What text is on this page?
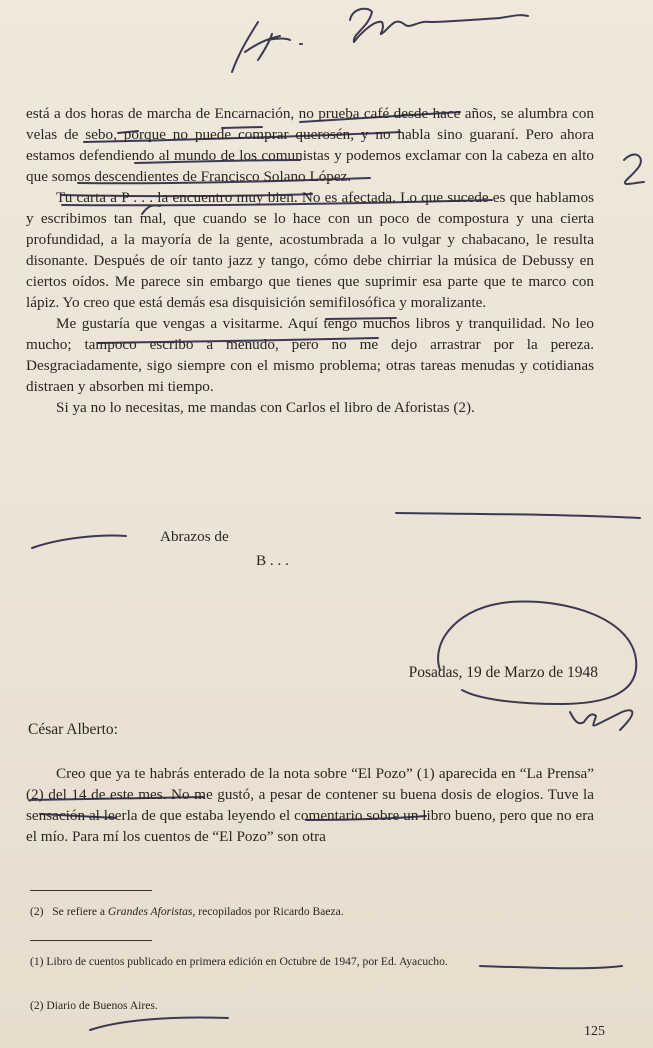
está a dos horas de marcha de Encarnación, no prueba café desde hace años, se alumbra con velas de sebo, porque no puede comprar querosén, y no habla sino guaraní. Pero ahora estamos defendiendo al mundo de los comunistas y podemos exclamar con la cabeza en alto que somos descendientes de Francisco Solano López.

Tu carta a P . . . la encuentro muy bien. No es afectada. Lo que sucede es que hablamos y escribimos tan mal, que cuando se lo hace con un poco de compostura y una cierta profundidad, a la mayoría de la gente, acostumbrada a lo vulgar y chabacano, le resulta disonante. Después de oír tanto jazz y tango, cómo debe chirriar la música de Debussy en ciertos oídos. Me parece sin embargo que tienes que suprimir esa parte que te marco con lápiz. Yo creo que está demás esa disquisición semifilosófica y moralizante.

Me gustaría que vengas a visitarme. Aquí tengo muchos libros y tranquilidad. No leo mucho; tampoco escribo a menudo, pero no me dejo arrastrar por la pereza. Desgraciadamente, sigo siempre con el mismo problema; otras tareas menudas y cotidianas distraen y absorben mi tiempo.

Si ya no lo necesitas, me mandas con Carlos el libro de Aforistas (2).

Abrazos de
B . . .
Posadas, 19 de Marzo de 1948
César Alberto:

Creo que ya te habrás enterado de la nota sobre “El Pozo” (1) aparecida en “La Prensa” (2) del 14 de este mes. No me gustó, a pesar de contener su buena dosis de elogios. Tuve la sensación al leerla de que estaba leyendo el comentario sobre un libro bueno, pero que no era el mío. Para mí los cuentos de “El Pozo” son otra

(2) Se refiere a Grandes Aforistas, recopilados por Ricardo Baeza.
(1) Libro de cuentos publicado en primera edición en Octubre de 1947, por Ed. Ayacucho.
(2) Diario de Buenos Aires.
125
